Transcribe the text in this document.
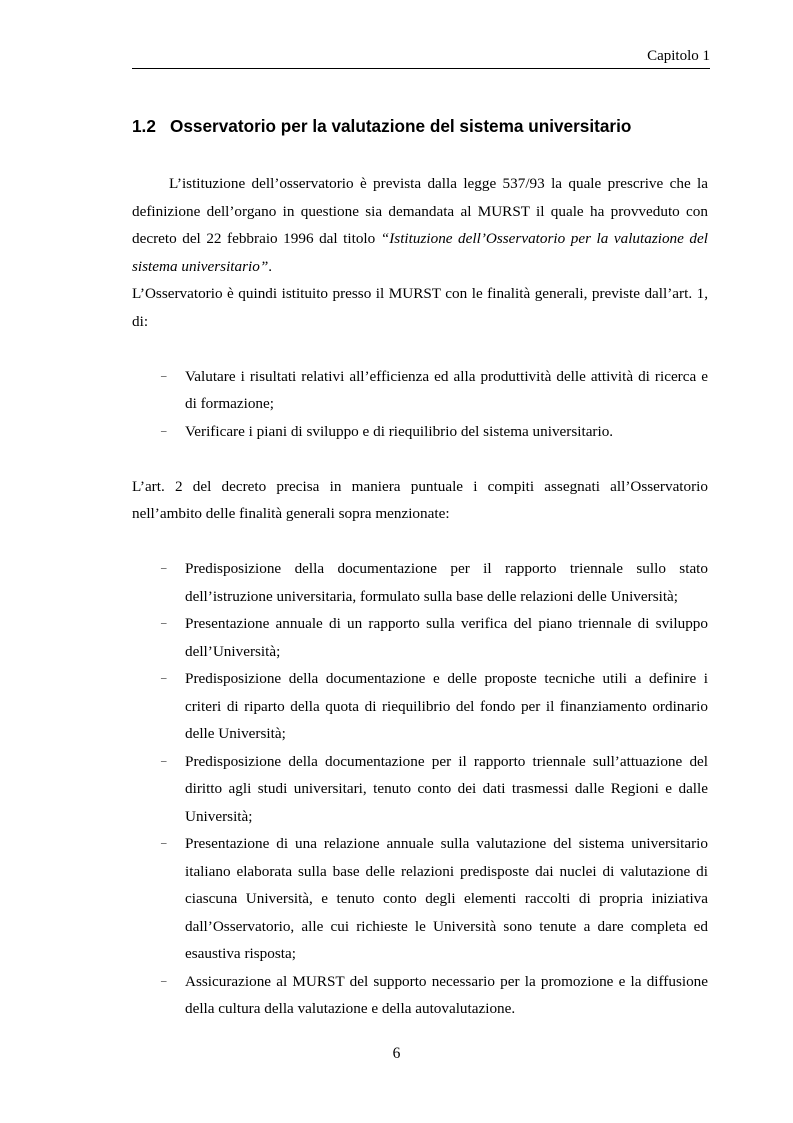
Capitolo 1
1.2 Osservatorio per la valutazione del sistema universitario

L’istituzione dell’osservatorio è prevista dalla legge 537/93 la quale prescrive che la definizione dell’organo in questione sia demandata al MURST il quale ha provveduto con decreto del 22 febbraio 1996 dal titolo “Istituzione dell’Osservatorio per la valutazione del sistema universitario”.

L’Osservatorio è quindi istituito presso il MURST con le finalità generali, previste dall’art. 1, di:

– Valutare i risultati relativi all’efficienza ed alla produttività delle attività di ricerca e di formazione;
– Verificare i piani di sviluppo e di riequilibrio del sistema universitario.

L’art. 2 del decreto precisa in maniera puntuale i compiti assegnati all’Osservatorio nell’ambito delle finalità generali sopra menzionate:

– Predisposizione della documentazione per il rapporto triennale sullo stato dell’istruzione universitaria, formulato sulla base delle relazioni delle Università;
– Presentazione annuale di un rapporto sulla verifica del piano triennale di sviluppo dell’Università;
– Predisposizione della documentazione e delle proposte tecniche utili a definire i criteri di riparto della quota di riequilibrio del fondo per il finanziamento ordinario delle Università;
– Predisposizione della documentazione per il rapporto triennale sull’attuazione del diritto agli studi universitari, tenuto conto dei dati trasmessi dalle Regioni e dalle Università;
– Presentazione di una relazione annuale sulla valutazione del sistema universitario italiano elaborata sulla base delle relazioni predisposte dai nuclei di valutazione di ciascuna Università, e tenuto conto degli elementi raccolti di propria iniziativa dall’Osservatorio, alle cui richieste le Università sono tenute a dare completa ed esaustiva risposta;
– Assicurazione al MURST del supporto necessario per la promozione e la diffusione della cultura della valutazione e della autovalutazione.
6
